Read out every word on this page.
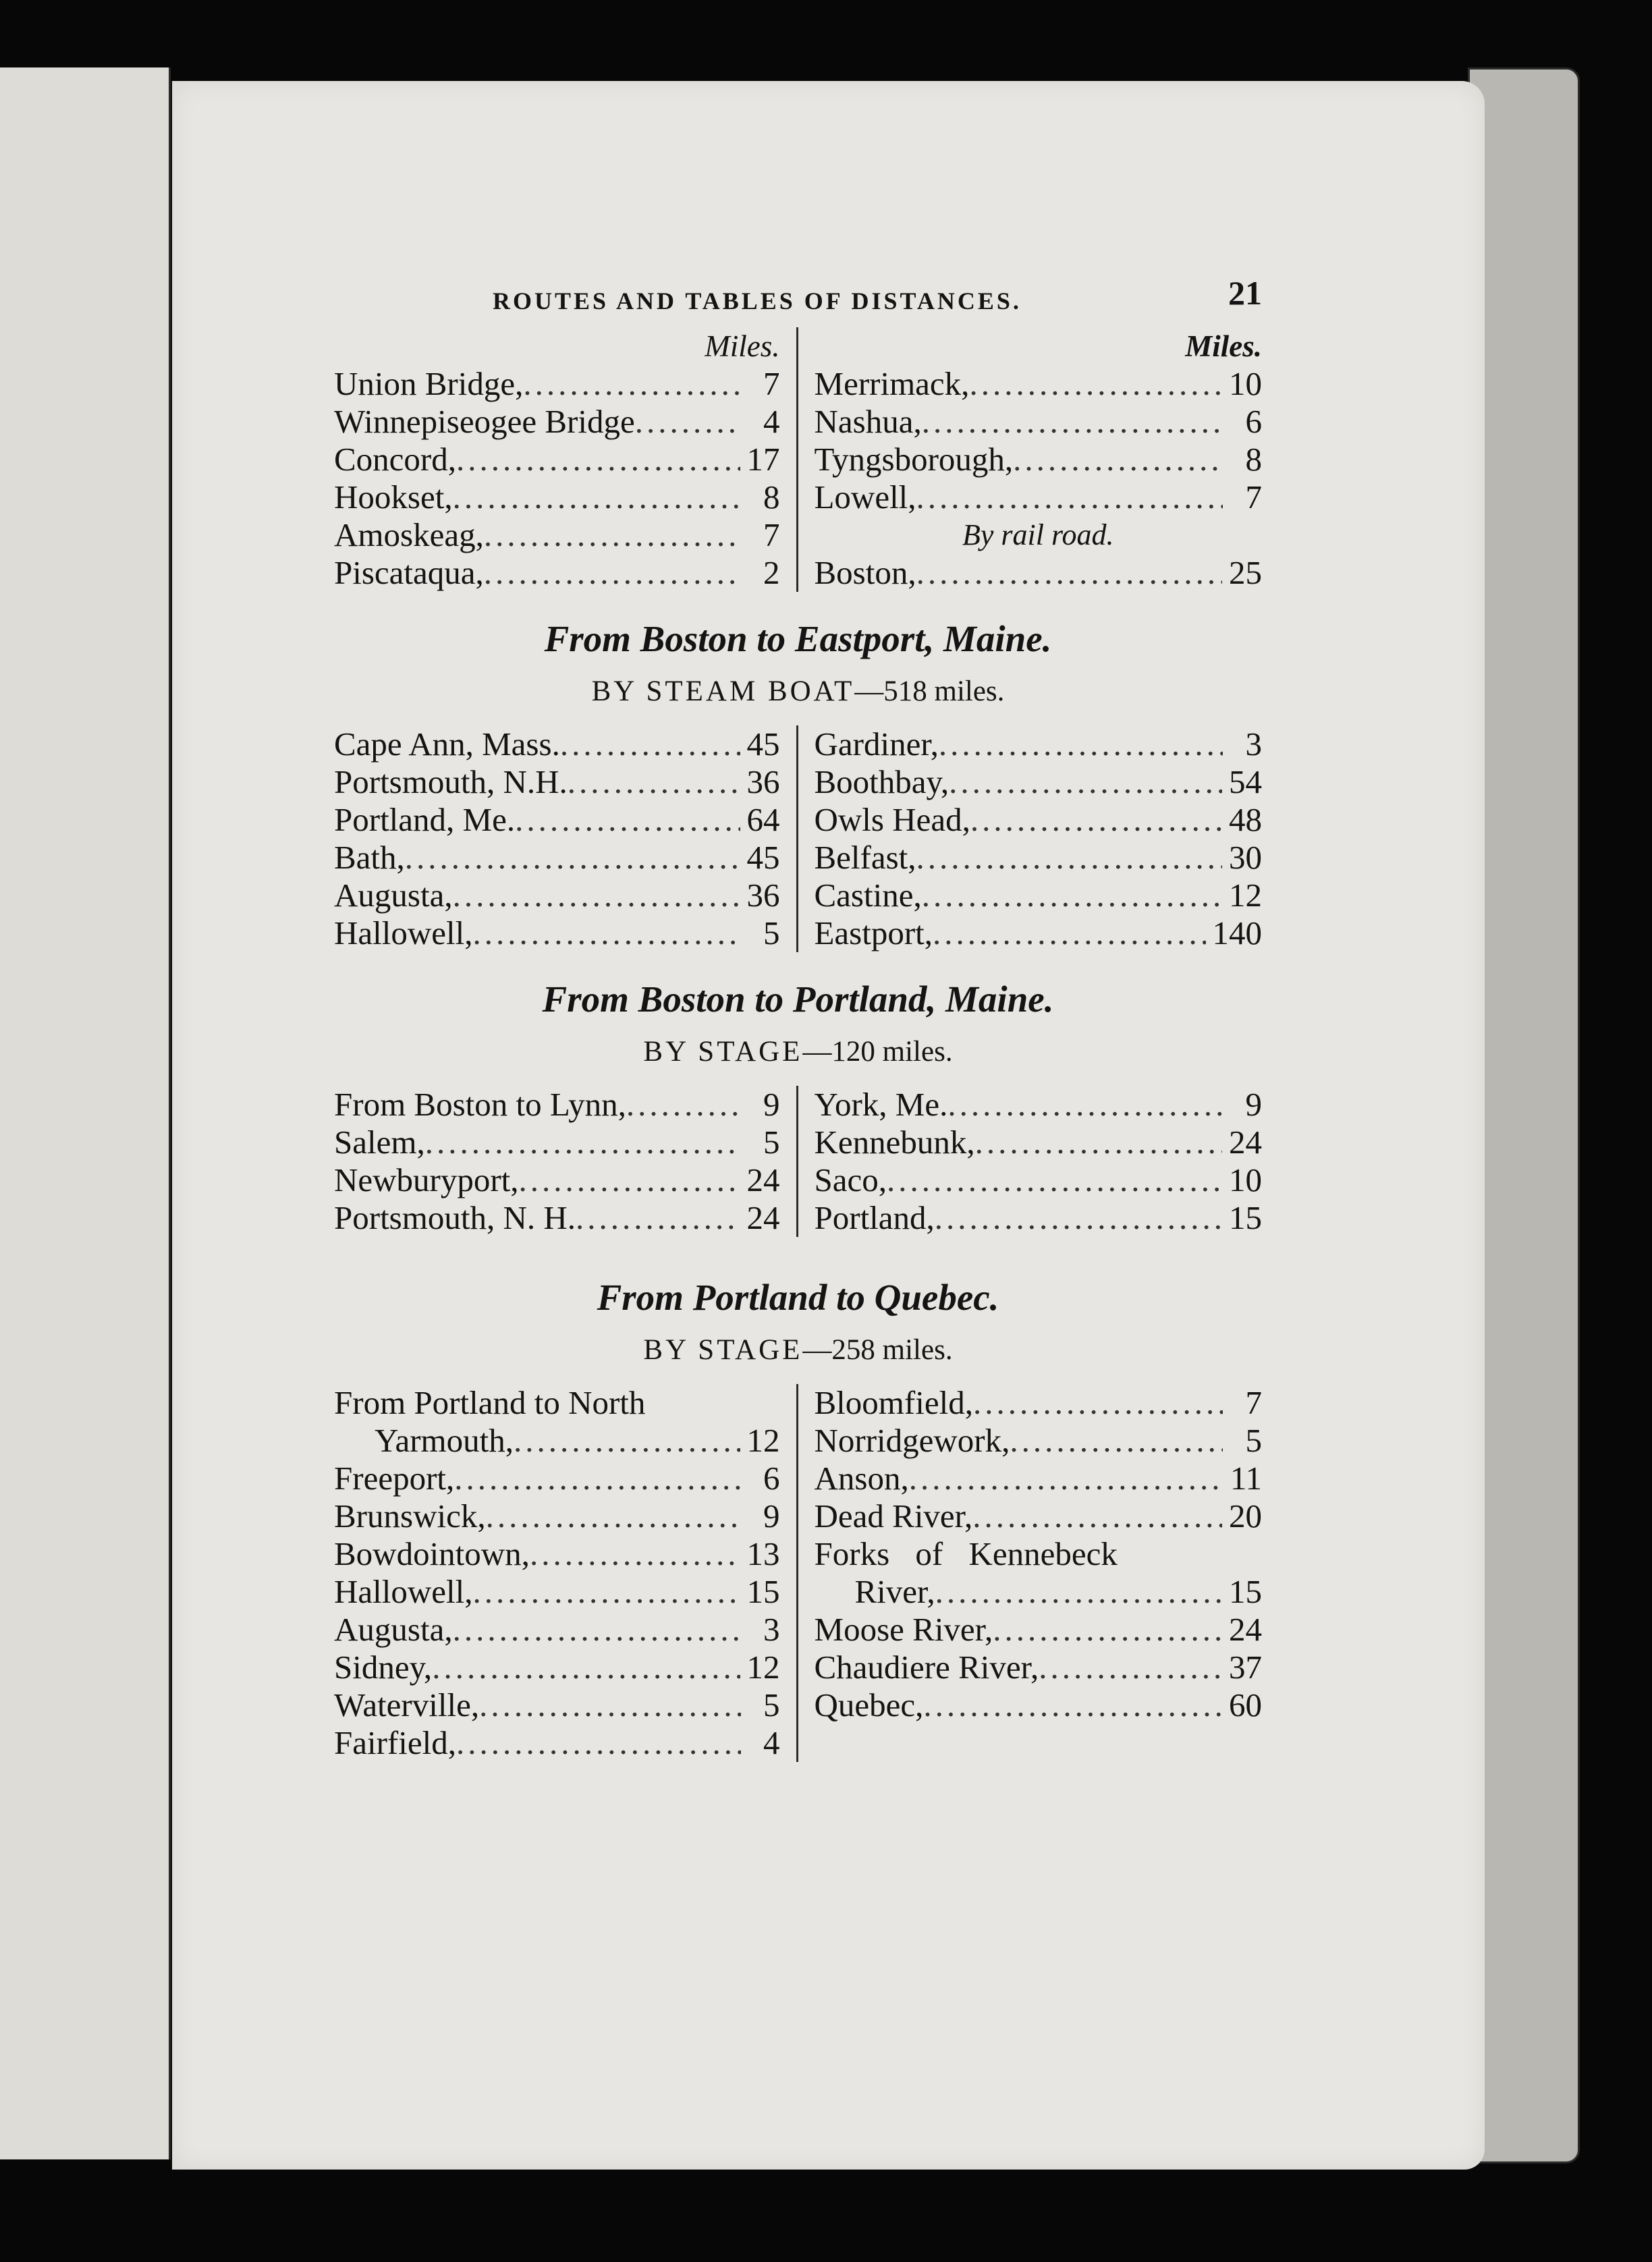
ROUTES AND TABLES OF DISTANCES.	21
Miles.
Union Bridge, .....	7
Winnepiseogee Bridge .....	4
Concord, .....	17
Hookset, .....	8
Amoskeag, .....	7
Piscataqua, .....	2
Miles.
Merrimack, .....	10
Nashua, .....	6
Tyngsborough, .....	8
Lowell, .....	7
By rail road.
Boston, .....	25
From Boston to Eastport, Maine.
BY STEAM BOAT—518 miles.
Cape Ann, Mass. .....	45
Portsmouth, N.H. .....	36
Portland, Me. .....	64
Bath, .....	45
Augusta, .....	36
Hallowell, .....	5
Gardiner, .....	3
Boothbay, .....	54
Owls Head, .....	48
Belfast, .....	30
Castine, .....	12
Eastport, .....	140
From Boston to Portland, Maine.
BY STAGE—120 miles.
From Boston to Lynn, .....	9
Salem, .....	5
Newburyport, .....	24
Portsmouth, N. H. .....	24
York, Me. .....	9
Kennebunk, .....	24
Saco, .....	10
Portland, .....	15
From Portland to Quebec.
BY STAGE—258 miles.
From Portland to North
Yarmouth, .....	12
Freeport, .....	6
Brunswick, .....	9
Bowdointown, .....	13
Hallowell, .....	15
Augusta, .....	3
Sidney, .....	12
Waterville, .....	5
Fairfield, .....	4
Bloomfield, .....	7
Norridgework, .....	5
Anson, .....	11
Dead River, .....	20
Forks of Kennebeck
River, .....	15
Moose River, .....	24
Chaudiere River, .....	37
Quebec, .....	60
